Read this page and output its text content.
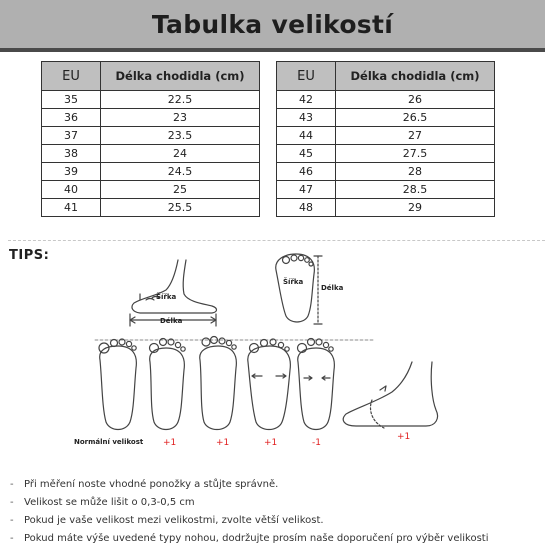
Tabulka velikostí
EU	Délka chodidla (cm)
35	22.5
36	23
37	23.5
38	24
39	24.5
40	25
41	25.5
EU	Délka chodidla (cm)
42	26
43	26.5
44	27
45	27.5
46	28
47	28.5
48	29
TIPS:
Šířka
Délka
Šířka
Délka
Normální velikost +1	+1	+1	-1
+1
-	Při měření noste vhodné ponožky a stůjte správně.
-	Velikost se může lišit o 0,3-0,5 cm
-	Pokud je vaše velikost mezi velikostmi, zvolte větší velikost.
-	Pokud máte výše uvedené typy nohou, dodržujte prosím naše doporučení pro výběr velikosti
